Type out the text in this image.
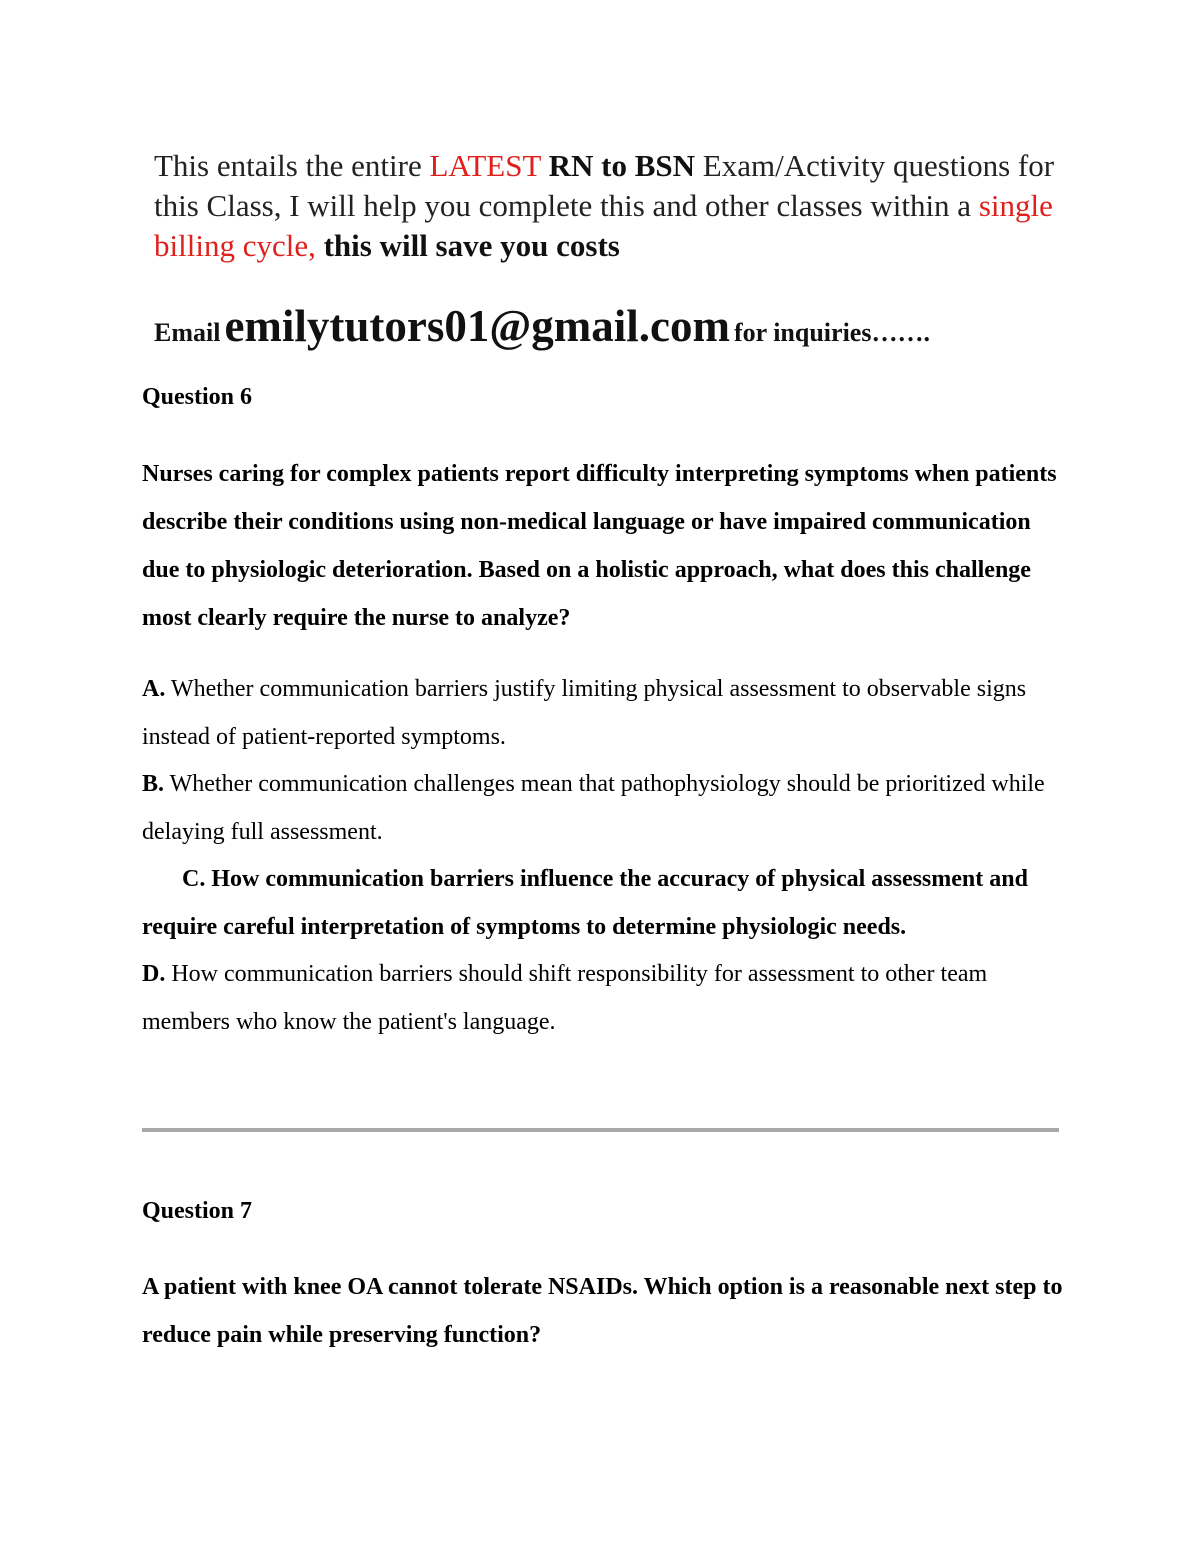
This entails the entire LATEST RN to BSN Exam/Activity questions for this Class, I will help you complete this and other classes within a single billing cycle, this will save you costs
Email emilytutors01@gmail.com for inquiries…….
Question 6
Nurses caring for complex patients report difficulty interpreting symptoms when patients describe their conditions using non-medical language or have impaired communication due to physiologic deterioration. Based on a holistic approach, what does this challenge most clearly require the nurse to analyze?

A. Whether communication barriers justify limiting physical assessment to observable signs instead of patient-reported symptoms.

B. Whether communication challenges mean that pathophysiology should be prioritized while delaying full assessment.

C. How communication barriers influence the accuracy of physical assessment and require careful interpretation of symptoms to determine physiologic needs.

D. How communication barriers should shift responsibility for assessment to other team members who know the patient's language.

Question 7
A patient with knee OA cannot tolerate NSAIDs. Which option is a reasonable next step to reduce pain while preserving function?
